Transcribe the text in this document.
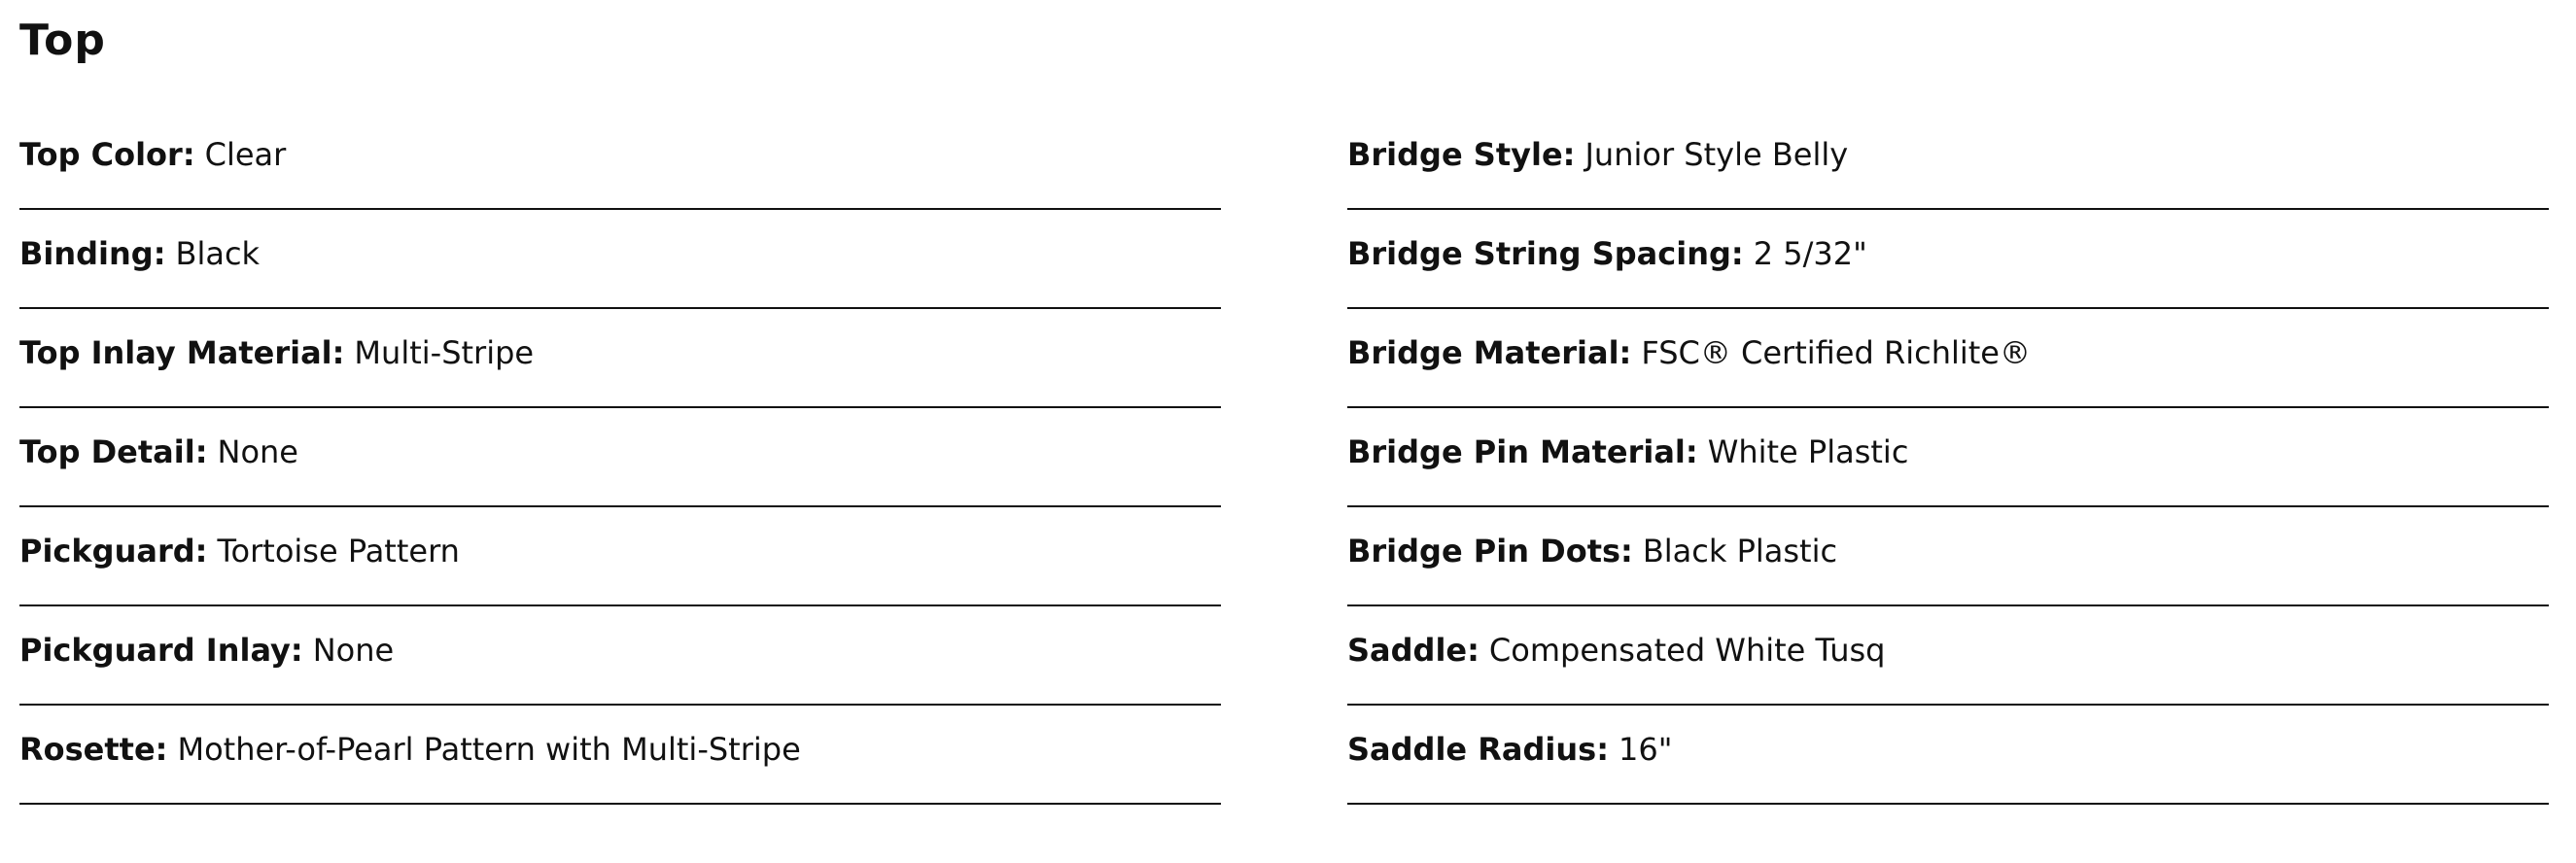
Top
Top Color: Clear
Binding: Black
Top Inlay Material: Multi-Stripe
Top Detail: None
Pickguard: Tortoise Pattern
Pickguard Inlay: None
Rosette: Mother-of-Pearl Pattern with Multi-Stripe
Bridge Style: Junior Style Belly
Bridge String Spacing: 2 5/32"
Bridge Material: FSC® Certified Richlite®
Bridge Pin Material: White Plastic
Bridge Pin Dots: Black Plastic
Saddle: Compensated White Tusq
Saddle Radius: 16"
